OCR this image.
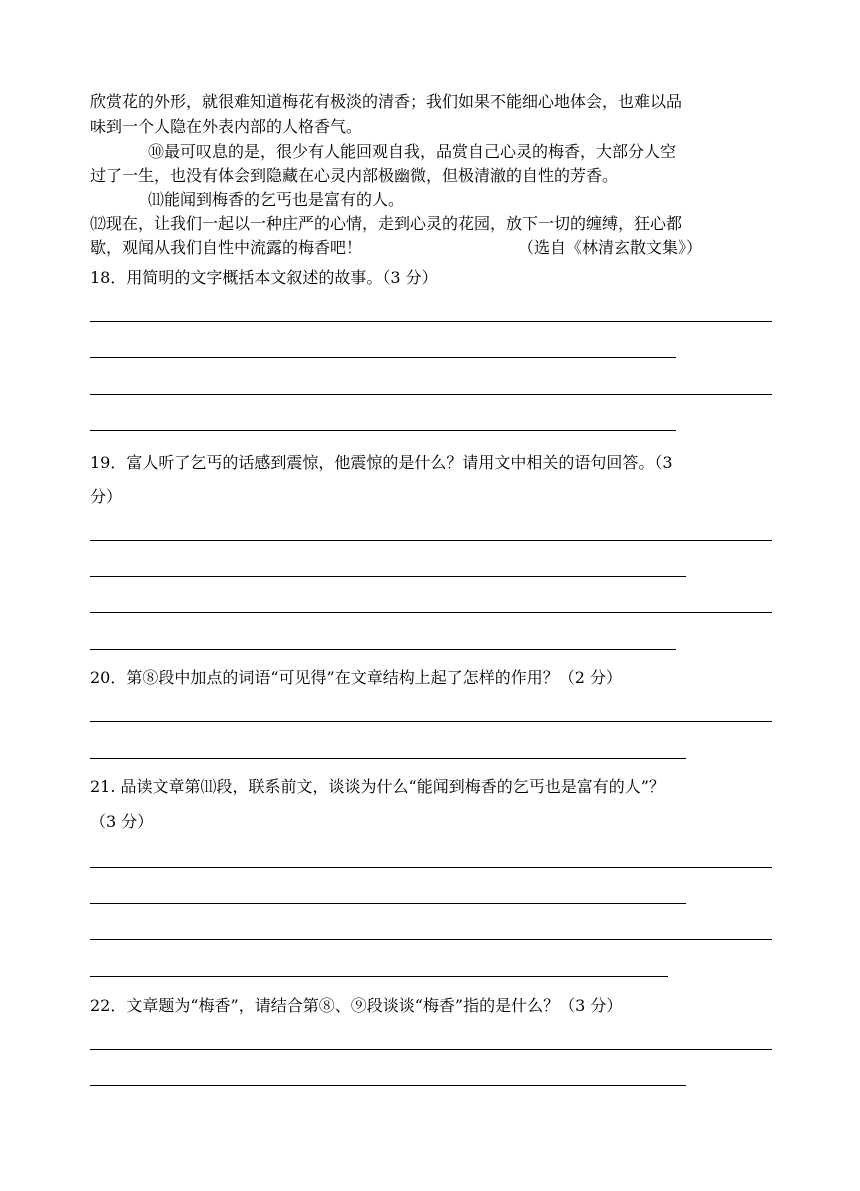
欣赏花的外形，就很难知道梅花有极淡的清香；我们如果不能细心地体会，也难以品
味到一个人隐在外表内部的人格香气。
⑩最可叹息的是，很少有人能回观自我，品赏自己心灵的梅香，大部分人空
过了一生，也没有体会到隐藏在心灵内部极幽微，但极清澈的自性的芳香。
⑾能闻到梅香的乞丐也是富有的人。
⑿现在，让我们一起以一种庄严的心情，走到心灵的花园，放下一切的缠缚，狂心都
歇，观闻从我们自性中流露的梅香吧！	（选自《林清玄散文集》）
18．用简明的文字概括本文叙述的故事。（3 分）
19．富人听了乞丐的话感到震惊，他震惊的是什么？请用文中相关的语句回答。（3
分）
20．第⑧段中加点的词语“可见得”在文章结构上起了怎样的作用？（2 分）
21. 品读文章第⑾段，联系前文，谈谈为什么“能闻到梅香的乞丐也是富有的人”？
（3 分）
22．文章题为“梅香”，请结合第⑧、⑨段谈谈“梅香”指的是什么？（3 分）
